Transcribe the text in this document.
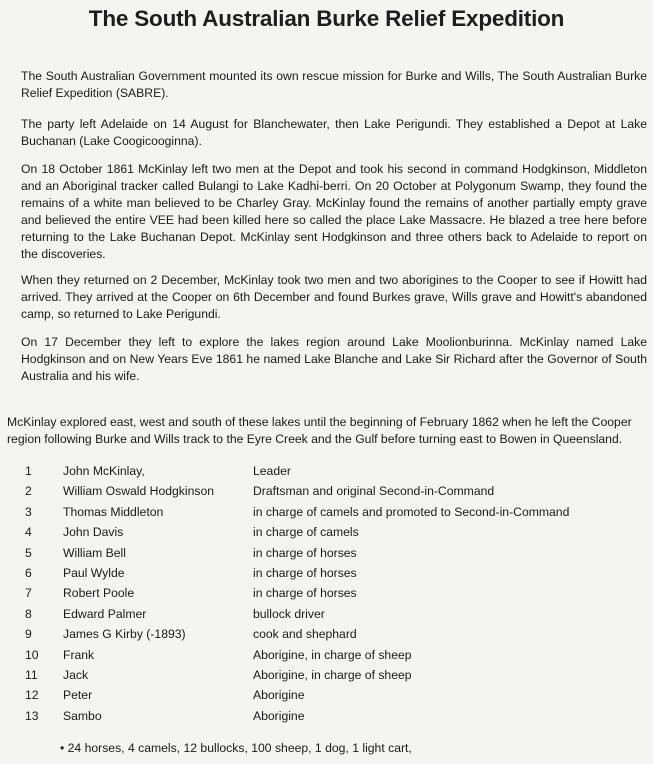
The South Australian Burke Relief Expedition

The South Australian Government mounted its own rescue mission for Burke and Wills, The South Australian Burke Relief Expedition (SABRE).

The party left Adelaide on 14 August for Blanchewater, then Lake Perigundi. They established a Depot at Lake Buchanan (Lake Coogicooginna).

On 18 October 1861 McKinlay left two men at the Depot and took his second in command Hodgkinson, Middleton and an Aboriginal tracker called Bulangi to Lake Kadhi-berri. On 20 October at Polygonum Swamp, they found the remains of a white man believed to be Charley Gray. McKinlay found the remains of another partially empty grave and believed the entire VEE had been killed here so called the place Lake Massacre. He blazed a tree here before returning to the Lake Buchanan Depot. McKinlay sent Hodgkinson and three others back to Adelaide to report on the discoveries.

When they returned on 2 December, McKinlay took two men and two aborigines to the Cooper to see if Howitt had arrived. They arrived at the Cooper on 6th December and found Burkes grave, Wills grave and Howitt's abandoned camp, so returned to Lake Perigundi.

On 17 December they left to explore the lakes region around Lake Moolionburinna. McKinlay named Lake Hodgkinson and on New Years Eve 1861 he named Lake Blanche and Lake Sir Richard after the Governor of South Australia and his wife.

McKinlay explored east, west and south of these lakes until the beginning of February 1862 when he left the Cooper
region following Burke and Wills track to the Eyre Creek and the Gulf before turning east to Bowen in Queensland.
1	John McKinlay,	Leader
2	William Oswald Hodgkinson	Draftsman and original Second-in-Command
3	Thomas Middleton	in charge of camels and promoted to Second-in-Command
4	John Davis	in charge of camels
5	William Bell	in charge of horses
6	Paul Wylde	in charge of horses
7	Robert Poole	in charge of horses
8	Edward Palmer	bullock driver
9	James G Kirby (-1893)	cook and shephard
10 Frank	Aborigine, in charge of sheep
11 Jack	Aborigine, in charge of sheep
12 Peter	Aborigine
13 Sambo	Aborigine
• 24 horses, 4 camels, 12 bullocks, 100 sheep, 1 dog, 1 light cart,
